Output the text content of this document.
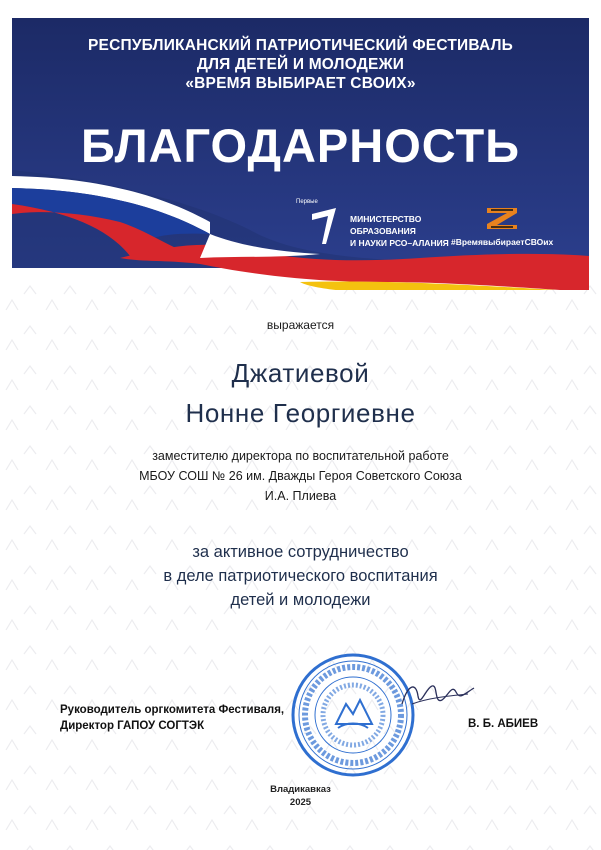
РЕСПУБЛИКАНСКИЙ ПАТРИОТИЧЕСКИЙ ФЕСТИВАЛЬ
ДЛЯ ДЕТЕЙ И МОЛОДЕЖИ
«ВРЕМЯ ВЫБИРАЕТ СВОИХ»
БЛАГОДАРНОСТЬ
Первые
МИНИСТЕРСТВО
ОБРАЗОВАНИЯ
И НАУКИ РСО–АЛАНИЯ #ВремявыбираетСВОих
выражается
Джатиевой
Нонне Георгиевне
заместителю директора по воспитательной работе
МБОУ СОШ № 26 им. Дважды Героя Советского Союза
И.А. Плиева
за активное сотрудничество
в деле патриотического воспитания
детей и молодежи
Руководитель оргкомитета Фестиваля,
Директор ГАПОУ СОГТЭК	В. Б. АБИЕВ
Владикавказ
2025
